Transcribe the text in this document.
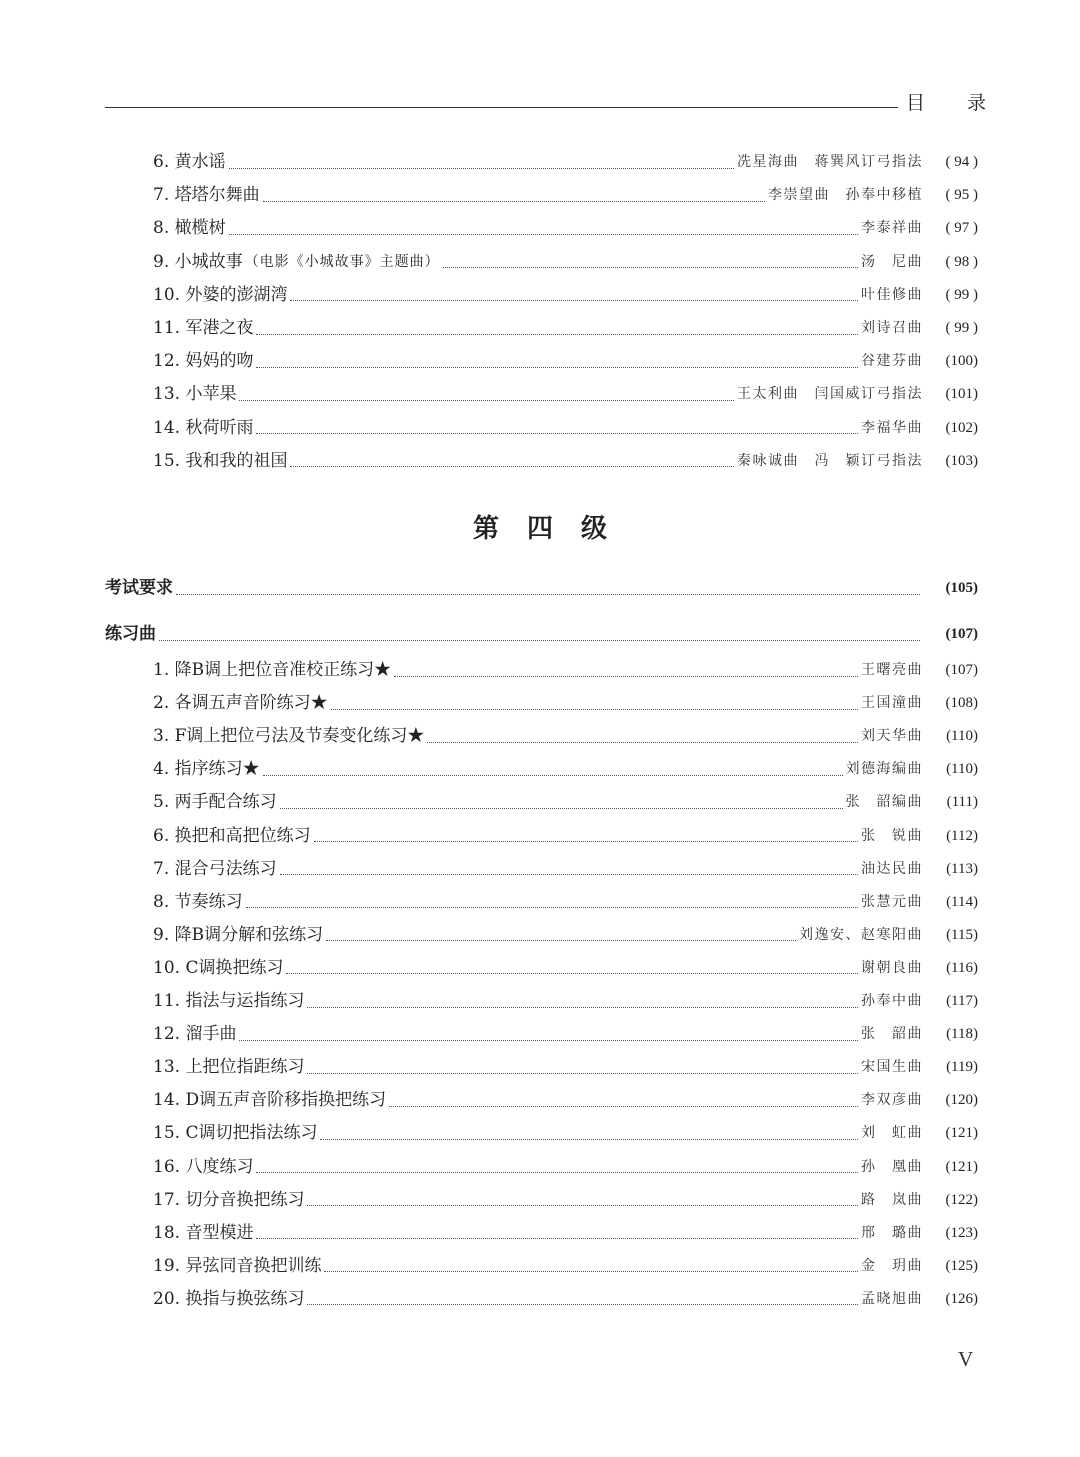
目 录
6. 黄水谣	冼星海曲　蒋巽风订弓指法	( 94 )
7. 塔塔尔舞曲	李崇望曲　孙奉中移植	( 95 )
8. 橄榄树	李泰祥曲	( 97 )
9. 小城故事 （电影《小城故事》主题曲）	汤　尼曲	( 98 )
10. 外婆的澎湖湾	叶佳修曲	( 99 )
11. 军港之夜	刘诗召曲	( 99 )
12. 妈妈的吻	谷建芬曲	(100)
13. 小苹果	王太利曲　闫国威订弓指法	(101)
14. 秋荷听雨	李福华曲	(102)
15. 我和我的祖国	秦咏诚曲　冯　颖订弓指法	(103)
第四级
考试要求	(105)
练习曲	(107)
1. 降B调上把位音准校正练习★	王曙亮曲	(107)
2. 各调五声音阶练习★	王国潼曲	(108)
3. F调上把位弓法及节奏变化练习★	刘天华曲	(110)
4. 指序练习★	刘德海编曲	(110)
5. 两手配合练习	张　韶编曲	(111)
6. 换把和高把位练习	张　锐曲	(112)
7. 混合弓法练习	油达民曲	(113)
8. 节奏练习	张慧元曲	(114)
9. 降B调分解和弦练习	刘逸安、赵寒阳曲	(115)
10. C调换把练习	谢朝良曲	(116)
11. 指法与运指练习	孙奉中曲	(117)
12. 溜手曲	张　韶曲	(118)
13. 上把位指距练习	宋国生曲	(119)
14. D调五声音阶移指换把练习	李双彦曲	(120)
15. C调切把指法练习	刘　虹曲	(121)
16. 八度练习	孙　凰曲	(121)
17. 切分音换把练习	路　岚曲	(122)
18. 音型模进	邢　璐曲	(123)
19. 异弦同音换把训练	金　玥曲	(125)
20. 换指与换弦练习	孟晓旭曲	(126)
V
